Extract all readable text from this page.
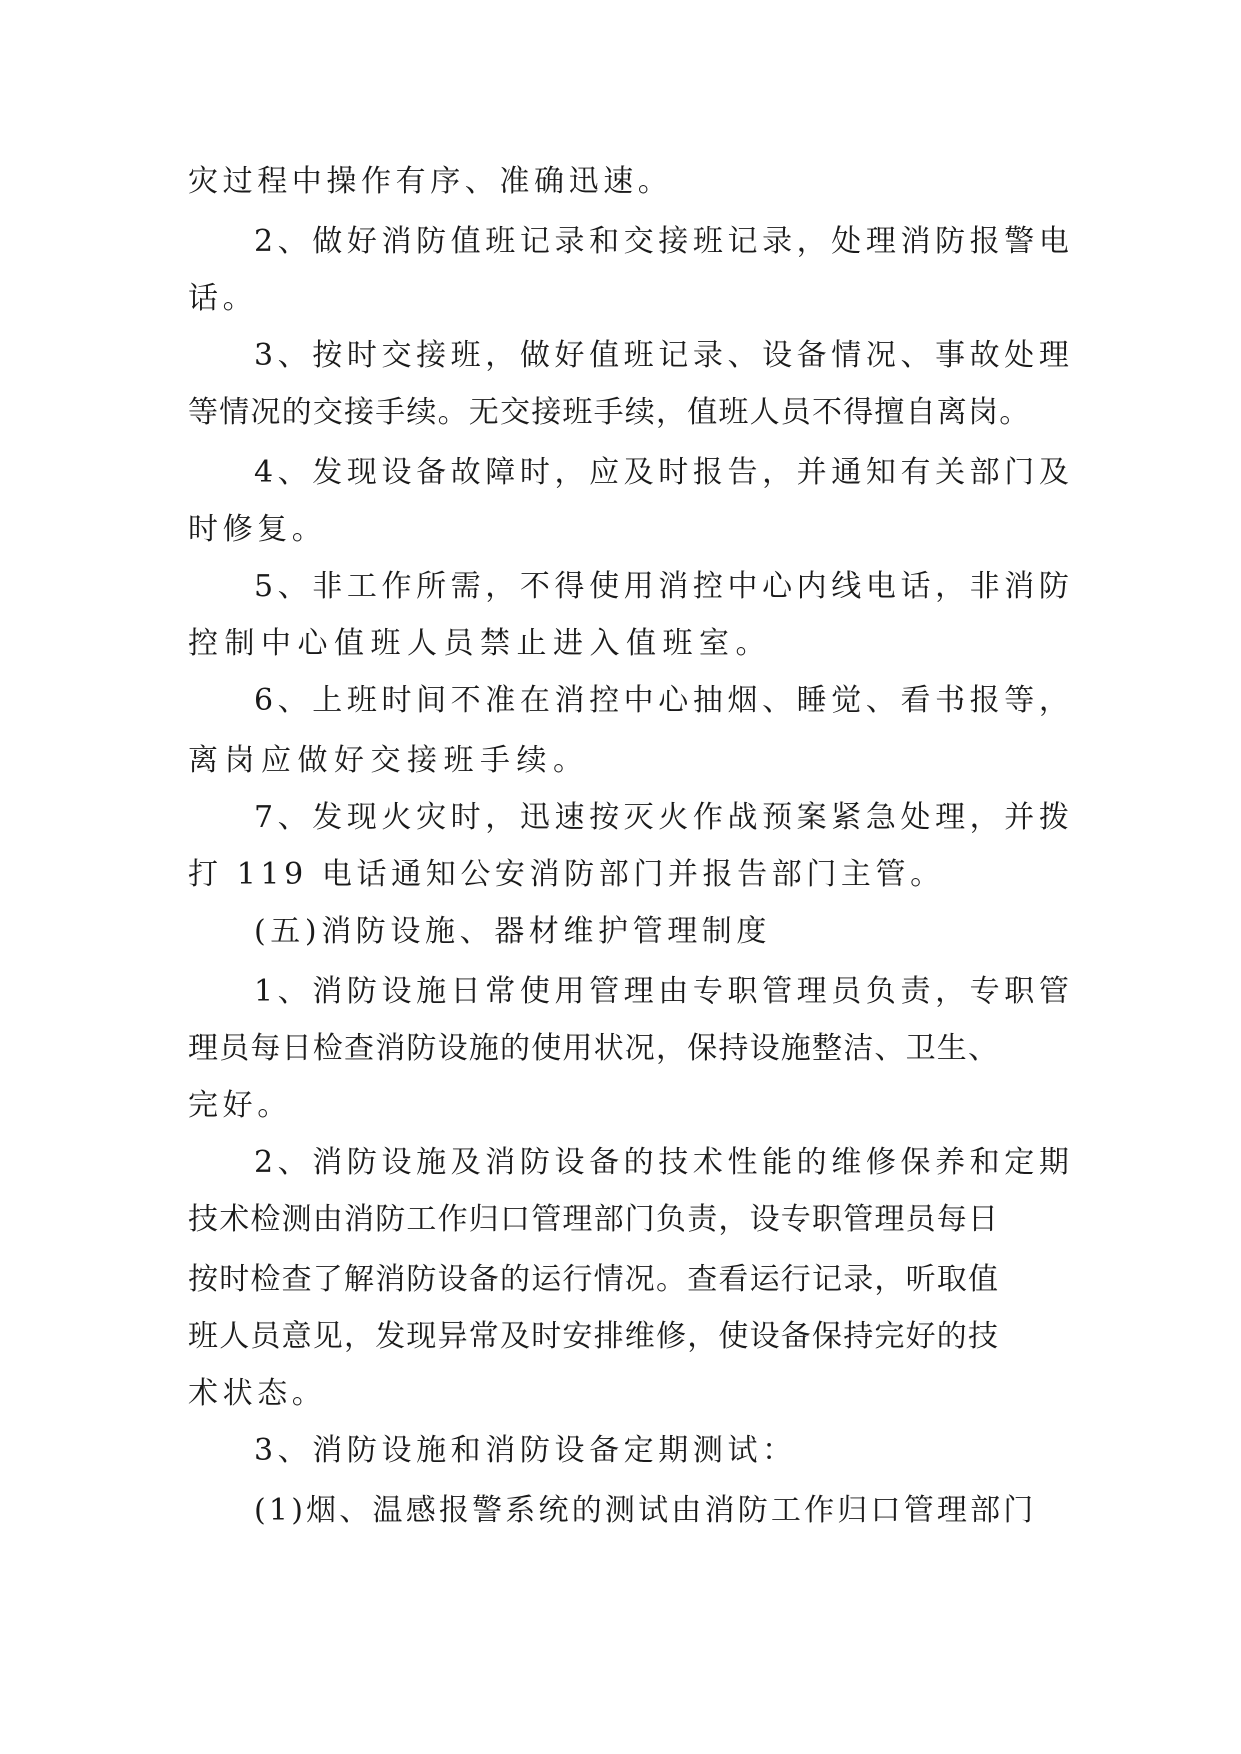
灾过程中操作有序、准确迅速。
2、做好消防值班记录和交接班记录，处理消防报警电
话。
3、按时交接班，做好值班记录、设备情况、事故处理
等情况的交接手续。无交接班手续，值班人员不得擅自离岗。
4、发现设备故障时，应及时报告，并通知有关部门及
时修复。
5、非工作所需，不得使用消控中心内线电话，非消防
控制中心值班人员禁止进入值班室。
6、上班时间不准在消控中心抽烟、睡觉、看书报等，
离岗应做好交接班手续。
7、发现火灾时，迅速按灭火作战预案紧急处理，并拨
打 119 电话通知公安消防部门并报告部门主管。
(五)消防设施、器材维护管理制度
1、消防设施日常使用管理由专职管理员负责，专职管
理员每日检查消防设施的使用状况，保持设施整洁、卫生、
完好。
2、消防设施及消防设备的技术性能的维修保养和定期
技术检测由消防工作归口管理部门负责，设专职管理员每日
按时检查了解消防设备的运行情况。查看运行记录，听取值
班人员意见，发现异常及时安排维修，使设备保持完好的技
术状态。
3、消防设施和消防设备定期测试：
(1)烟、温感报警系统的测试由消防工作归口管理部门
